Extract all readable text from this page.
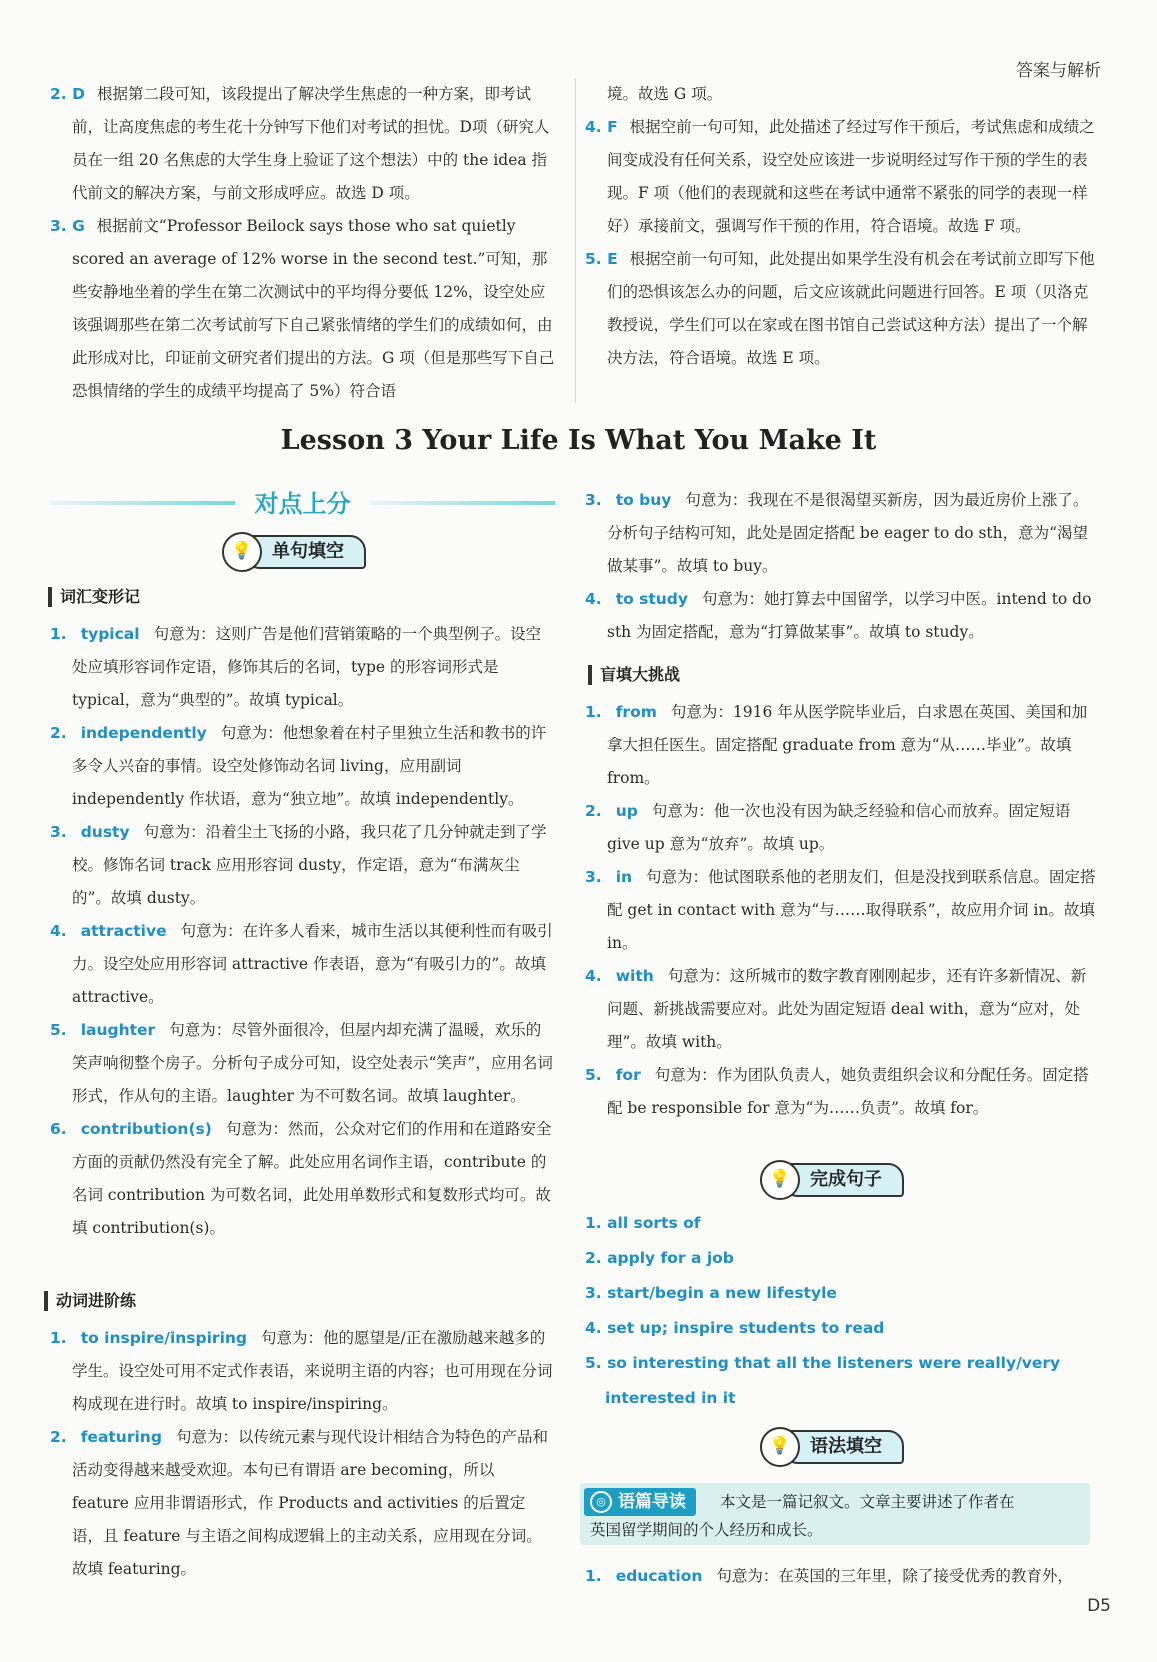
答案与解析

2. D 根据第二段可知，该段提出了解决学生焦虑的一种方案，即考试前，让高度焦虑的考生花十分钟写下他们对考试的担忧。D项（研究人员在一组 20 名焦虑的大学生身上验证了这个想法）中的 the idea 指代前文的解决方案，与前文形成呼应。故选 D 项。

3. G 根据前文“Professor Beilock says those who sat quietly scored an average of 12% worse in the second test.”可知，那些安静地坐着的学生在第二次测试中的平均得分要低 12%，设空处应该强调那些在第二次考试前写下自己紧张情绪的学生们的成绩如何，由此形成对比，印证前文研究者们提出的方法。G 项（但是那些写下自己恐惧情绪的学生的成绩平均提高了 5%）符合语

境。故选 G 项。

4. F 根据空前一句可知，此处描述了经过写作干预后，考试焦虑和成绩之间变成没有任何关系，设空处应该进一步说明经过写作干预的学生的表现。F 项（他们的表现就和这些在考试中通常不紧张的同学的表现一样好）承接前文，强调写作干预的作用，符合语境。故选 F 项。

5. E 根据空前一句可知，此处提出如果学生没有机会在考试前立即写下他们的恐惧该怎么办的问题，后文应该就此问题进行回答。E 项（贝洛克教授说，学生们可以在家或在图书馆自己尝试这种方法）提出了一个解决方法，符合语境。故选 E 项。

Lesson 3 Your Life Is What You Make It
对点上分
单句填空
💡
词汇变形记

1. typical 句意为：这则广告是他们营销策略的一个典型例子。设空处应填形容词作定语，修饰其后的名词，type 的形容词形式是 typical，意为“典型的”。故填 typical。

2. independently 句意为：他想象着在村子里独立生活和教书的许多令人兴奋的事情。设空处修饰动名词 living，应用副词 independently 作状语，意为“独立地”。故填 independently。

3. dusty 句意为：沿着尘土飞扬的小路，我只花了几分钟就走到了学校。修饰名词 track 应用形容词 dusty，作定语，意为“布满灰尘的”。故填 dusty。

4. attractive 句意为：在许多人看来，城市生活以其便利性而有吸引力。设空处应用形容词 attractive 作表语，意为“有吸引力的”。故填 attractive。

5. laughter 句意为：尽管外面很冷，但屋内却充满了温暖，欢乐的笑声响彻整个房子。分析句子成分可知，设空处表示“笑声”，应用名词形式，作从句的主语。laughter 为不可数名词。故填 laughter。

6. contribution(s) 句意为：然而，公众对它们的作用和在道路安全方面的贡献仍然没有完全了解。此处应用名词作主语，contribute 的名词 contribution 为可数名词，此处用单数形式和复数形式均可。故填 contribution(s)。

动词进阶练

1. to inspire/inspiring 句意为：他的愿望是/正在激励越来越多的学生。设空处可用不定式作表语，来说明主语的内容；也可用现在分词构成现在进行时。故填 to inspire/inspiring。

2. featuring 句意为：以传统元素与现代设计相结合为特色的产品和活动变得越来越受欢迎。本句已有谓语 are becoming，所以 feature 应用非谓语形式，作 Products and activities 的后置定语，且 feature 与主语之间构成逻辑上的主动关系，应用现在分词。故填 featuring。

3. to buy 句意为：我现在不是很渴望买新房，因为最近房价上涨了。分析句子结构可知，此处是固定搭配 be eager to do sth，意为“渴望做某事”。故填 to buy。

4. to study 句意为：她打算去中国留学，以学习中医。intend to do sth 为固定搭配，意为“打算做某事”。故填 to study。

盲填大挑战

1. from 句意为：1916 年从医学院毕业后，白求恩在英国、美国和加拿大担任医生。固定搭配 graduate from 意为“从……毕业”。故填 from。

2. up 句意为：他一次也没有因为缺乏经验和信心而放弃。固定短语 give up 意为“放弃”。故填 up。

3. in 句意为：他试图联系他的老朋友们，但是没找到联系信息。固定搭配 get in contact with 意为“与……取得联系”，故应用介词 in。故填 in。

4. with 句意为：这所城市的数字教育刚刚起步，还有许多新情况、新问题、新挑战需要应对。此处为固定短语 deal with，意为“应对，处理”。故填 with。

5. for 句意为：作为团队负责人，她负责组织会议和分配任务。固定搭配 be responsible for 意为“为……负责”。故填 for。

完成句子
💡
1. all sorts of
2. apply for a job
3. start/begin a new lifestyle
4. set up; inspire students to read
5. so interesting that all the listeners were really/very interested in it
语法填空
💡
◎ 语篇导读	本文是一篇记叙文。文章主要讲述了作者在
英国留学期间的个人经历和成长。

1. education 句意为：在英国的三年里，除了接受优秀的教育外，

D5
